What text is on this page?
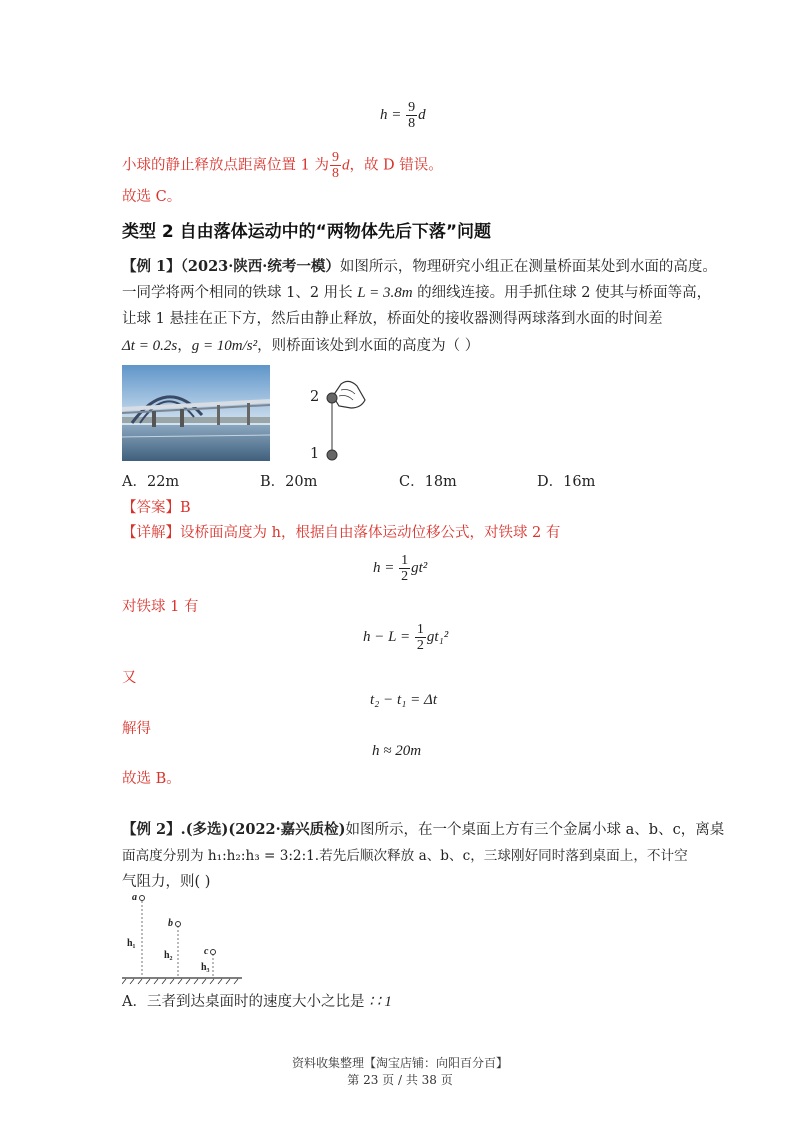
$h = \frac{9}{8}$ d
小球的静止释放点距离位置 1 为 $\frac{9}{8}$ d，故 D 错误。
故选 C。
类型 2 自由落体运动中的“两物体先后下落”问题
【例 1】（2023·陕西·统考一模）如图所示，物理研究小组正在测量桥面某处到水面的高度。
一同学将两个相同的铁球 1、2 用长 L = 3.8m 的细线连接。用手抓住球 2 使其与桥面等高，
让球 1 悬挂在正下方，然后由静止释放，桥面处的接收器测得两球落到水面的时间差
Δt = 0.2s，g = 10m/s²，则桥面该处到水面的高度为（ ）
2
1
A．22m	B．20m	C．18m	D．16m
【答案】B
【详解】设桥面高度为 h，根据自由落体运动位移公式，对铁球 2 有
$h = \frac{1}{2} gt^2$
对铁球 1 有
$h - L = \frac{1}{2} gt_1^2$
又
t₂ − t₁ = Δt
解得
h ≈ 20m
故选 B。
【例 2】.(多选)(2022·嘉兴质检)如图所示，在一个桌面上方有三个金属小球 a、b、c，离桌
面高度分别为 h₁:h₂:h₃ = 3:2:1.若先后顺次释放 a、b、c，三球刚好同时落到桌面上，不计空
气阻力，则( )
a
b
c
h₁
h₂
h₃
A．三者到达桌面时的速度大小之比是 ∶ ∶ 1
资料收集整理【淘宝店铺：向阳百分百】
第 23 页 / 共 38 页
